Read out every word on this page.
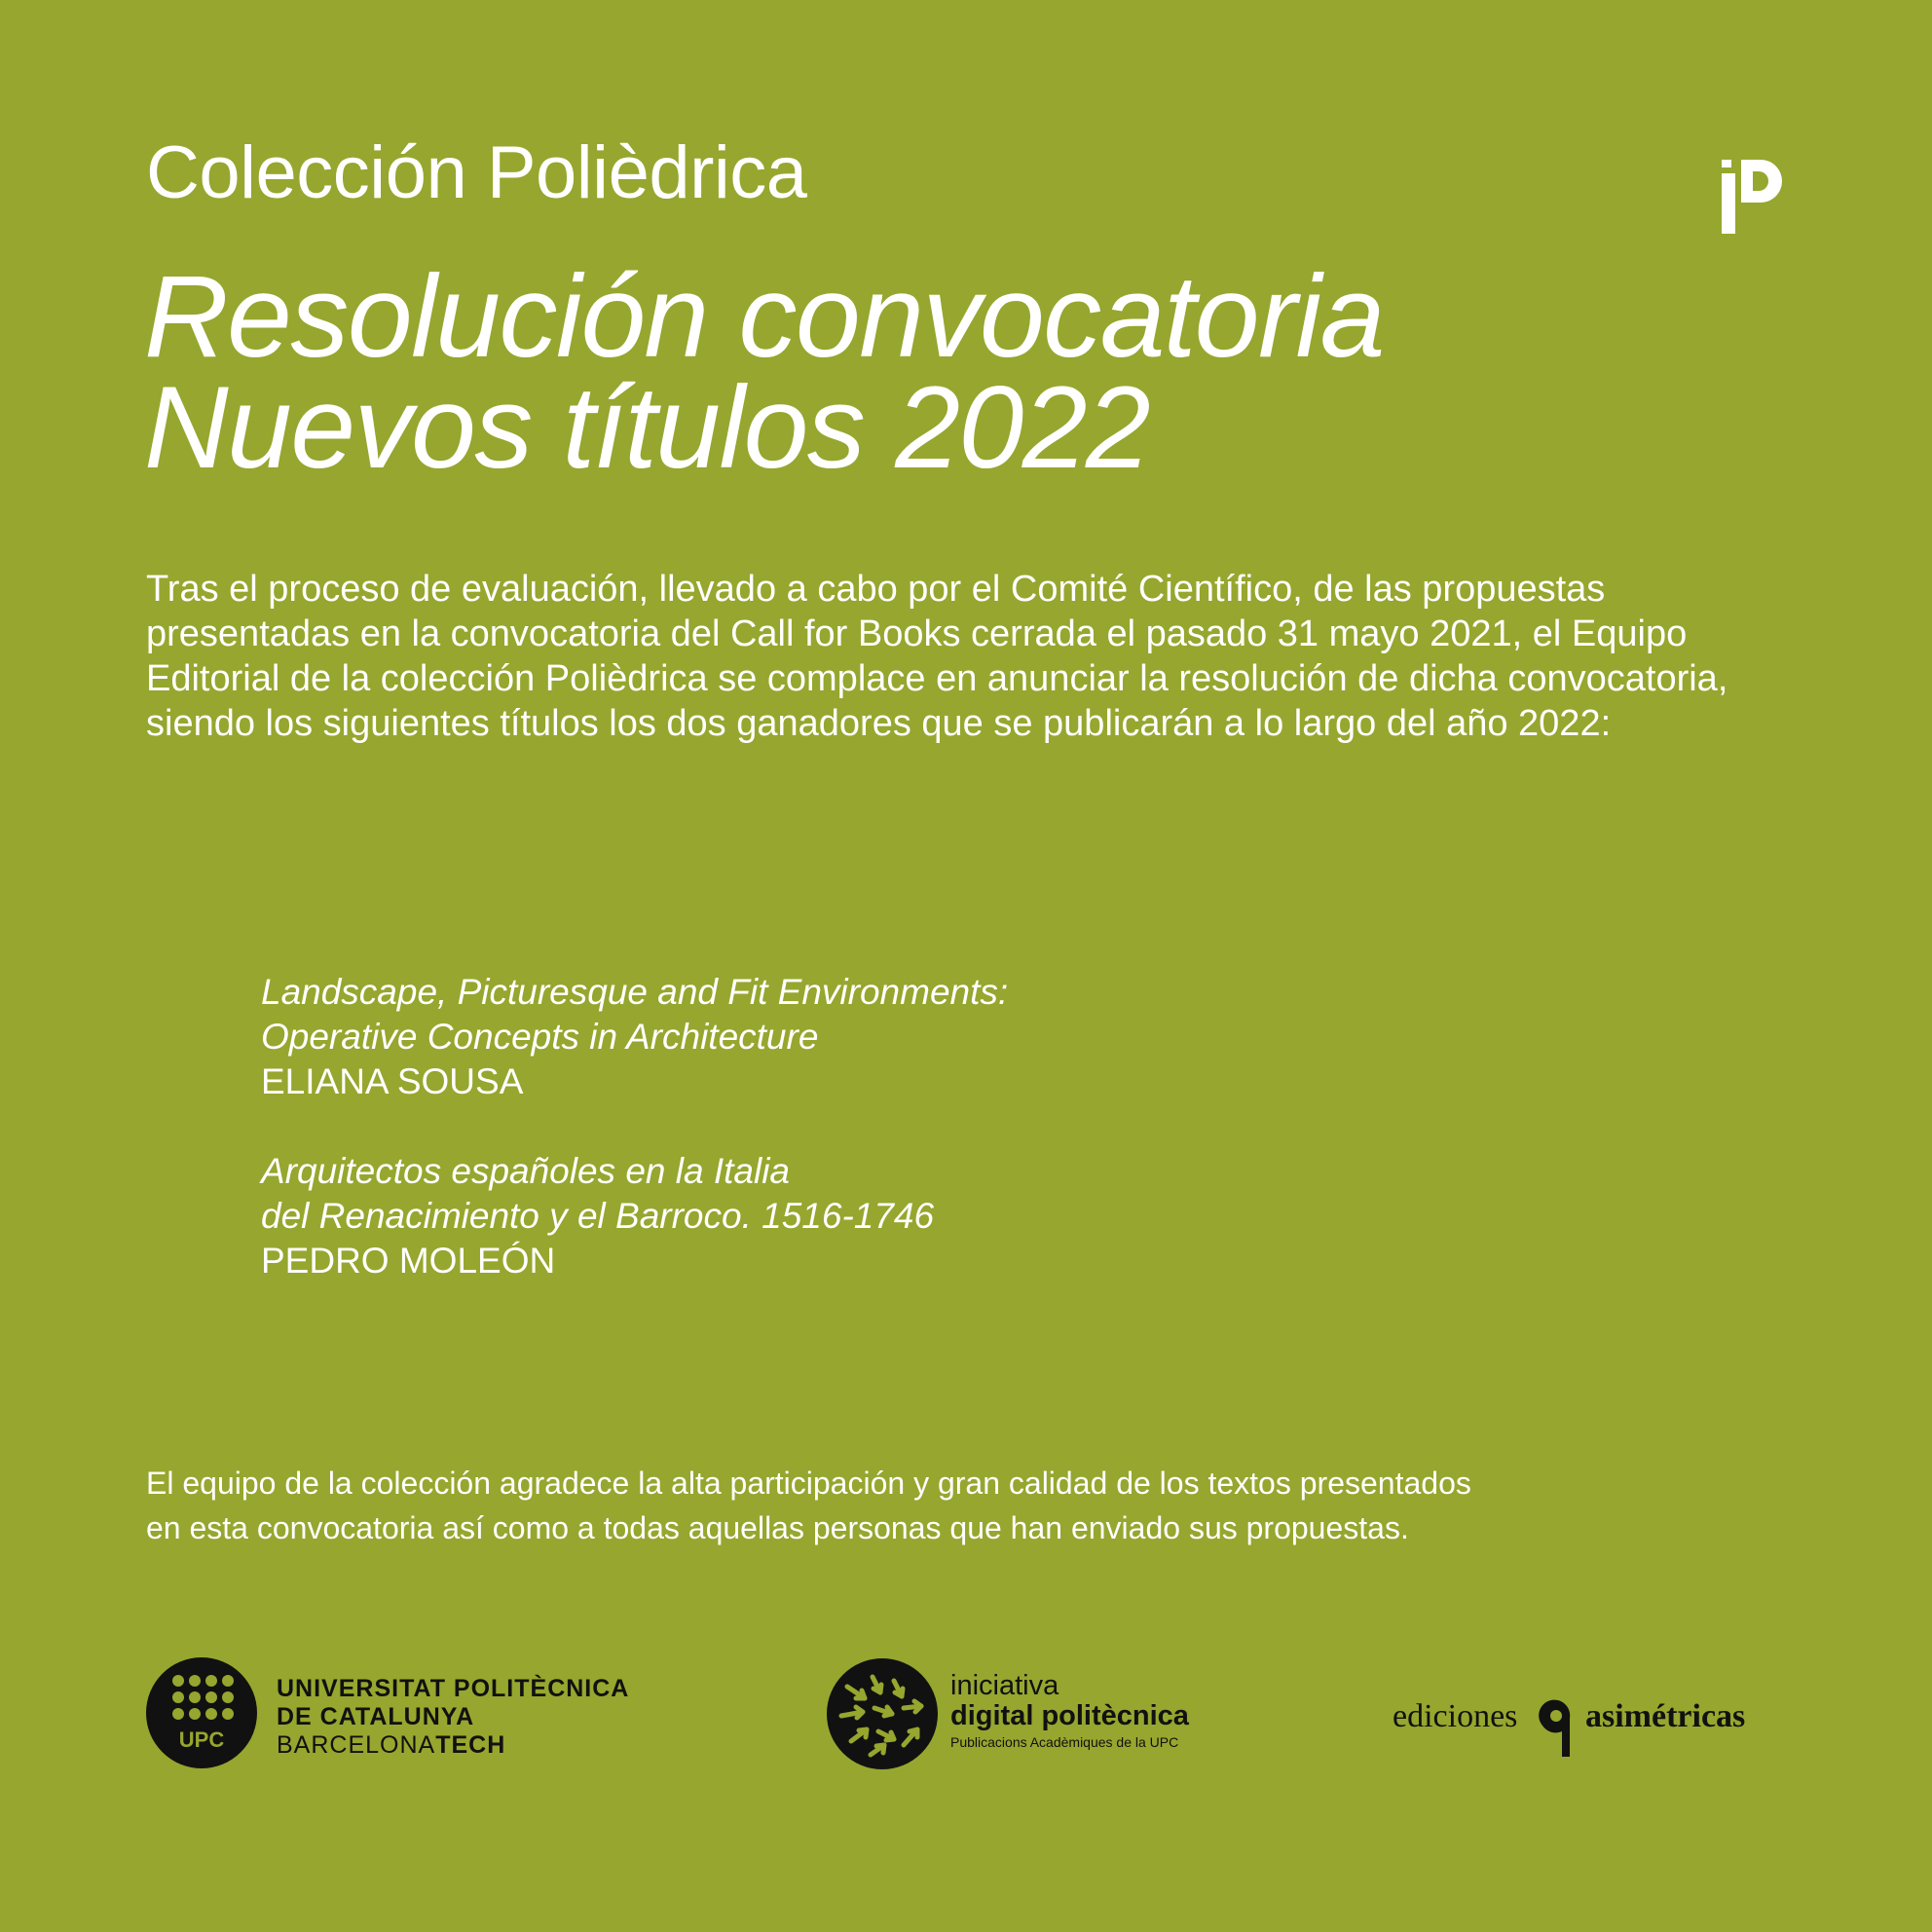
Colección Polièdrica
Resolución convocatoria
Nuevos títulos 2022

Tras el proceso de evaluación, llevado a cabo por el Comité Científico, de las propuestas presentadas en la convocatoria del Call for Books cerrada el pasado 31 mayo 2021, el Equipo Editorial de la colección Polièdrica se complace en anunciar la resolución de dicha convocatoria, siendo los siguientes títulos los dos ganadores que se publicarán a lo largo del año 2022:

Landscape, Picturesque and Fit Environments:
Operative Concepts in Architecture
ELIANA SOUSA
Arquitectos españoles en la Italia
del Renacimiento y el Barroco. 1516-1746
PEDRO MOLEÓN

El equipo de la colección agradece la alta participación y gran calidad de los textos presentados
en esta convocatoria así como a todas aquellas personas que han enviado sus propuestas.

UPC
UNIVERSITAT POLITÈCNICA
DE CATALUNYA
BARCELONATECH
iniciativa
digital politècnica
Publicacions Acadèmiques de la UPC
ediciones asimétricas
